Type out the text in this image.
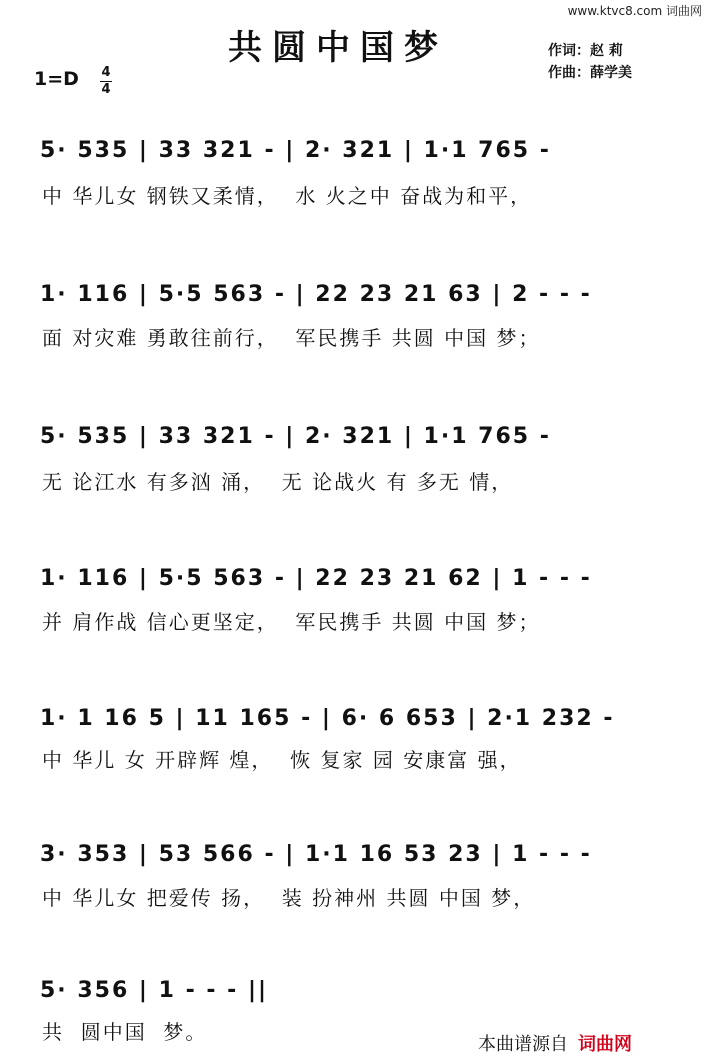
www.ktvc8.com 词曲网
共圆中国梦	作词：赵 莉
作曲：薛学美
1=D 4
4
5· 535 | 33 321 - | 2· 321 | 1·1 765 -
中 华儿女 钢铁又柔情，  水 火之中 奋战为和平，
1· 116 | 5·5 563 - | 22 23 21 63 | 2 - - -
面 对灾难 勇敢往前行，  军民携手 共圆 中国 梦；
5· 535 | 33 321 - | 2· 321 | 1·1 765 -
无 论江水 有多汹 涌，  无 论战火 有 多无 情，
1· 116 | 5·5 563 - | 22 23 21 62 | 1 - - -
并 肩作战 信心更坚定，  军民携手 共圆 中国 梦；
1· 1 16 5 | 11 165 - | 6· 6 653 | 2·1 232 -
中 华儿 女 开辟辉 煌，  恢 复家 园 安康富 强，
3· 353 | 53 566 - | 1·1 16 53 23 | 1 - - -
中 华儿女 把爱传 扬，  装 扮神州 共圆 中国 梦，
5· 356 | 1 - - - ||
共  圆中国  梦。
本曲谱源自 词曲网
